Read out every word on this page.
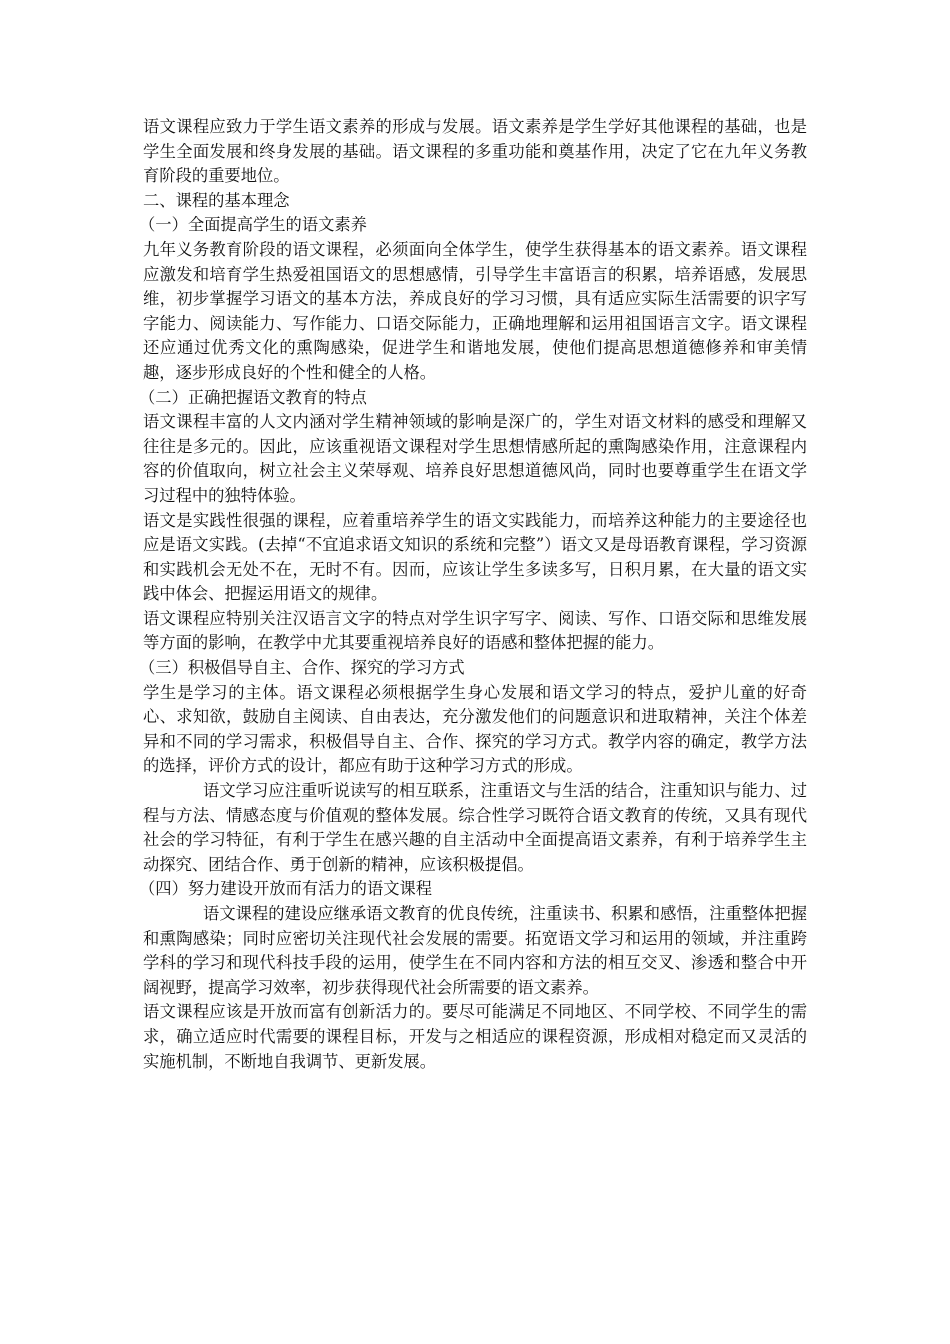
语文课程应致力于学生语文素养的形成与发展。语文素养是学生学好其他课程的基础，也是学生全面发展和终身发展的基础。语文课程的多重功能和奠基作用，决定了它在九年义务教育阶段的重要地位。

二、课程的基本理念

（一）全面提高学生的语文素养

九年义务教育阶段的语文课程，必须面向全体学生，使学生获得基本的语文素养。语文课程应激发和培育学生热爱祖国语文的思想感情，引导学生丰富语言的积累，培养语感，发展思维，初步掌握学习语文的基本方法，养成良好的学习习惯，具有适应实际生活需要的识字写字能力、阅读能力、写作能力、口语交际能力，正确地理解和运用祖国语言文字。语文课程还应通过优秀文化的熏陶感染，促进学生和谐地发展，使他们提高思想道德修养和审美情趣，逐步形成良好的个性和健全的人格。

（二）正确把握语文教育的特点

语文课程丰富的人文内涵对学生精神领域的影响是深广的，学生对语文材料的感受和理解又往往是多元的。因此，应该重视语文课程对学生思想情感所起的熏陶感染作用，注意课程内容的价值取向，树立社会主义荣辱观、培养良好思想道德风尚，同时也要尊重学生在语文学习过程中的独特体验。

语文是实践性很强的课程，应着重培养学生的语文实践能力，而培养这种能力的主要途径也应是语文实践。(去掉“不宜追求语文知识的系统和完整”）语文又是母语教育课程，学习资源和实践机会无处不在，无时不有。因而，应该让学生多读多写，日积月累，在大量的语文实践中体会、把握运用语文的规律。

语文课程应特别关注汉语言文字的特点对学生识字写字、阅读、写作、口语交际和思维发展等方面的影响，在教学中尤其要重视培养良好的语感和整体把握的能力。

（三）积极倡导自主、合作、探究的学习方式

学生是学习的主体。语文课程必须根据学生身心发展和语文学习的特点，爱护儿童的好奇心、求知欲，鼓励自主阅读、自由表达，充分激发他们的问题意识和进取精神，关注个体差异和不同的学习需求，积极倡导自主、合作、探究的学习方式。教学内容的确定，教学方法的选择，评价方式的设计，都应有助于这种学习方式的形成。

语文学习应注重听说读写的相互联系，注重语文与生活的结合，注重知识与能力、过程与方法、情感态度与价值观的整体发展。综合性学习既符合语文教育的传统，又具有现代社会的学习特征，有利于学生在感兴趣的自主活动中全面提高语文素养，有利于培养学生主动探究、团结合作、勇于创新的精神，应该积极提倡。

（四）努力建设开放而有活力的语文课程

语文课程的建设应继承语文教育的优良传统，注重读书、积累和感悟，注重整体把握和熏陶感染；同时应密切关注现代社会发展的需要。拓宽语文学习和运用的领域，并注重跨学科的学习和现代科技手段的运用，使学生在不同内容和方法的相互交叉、渗透和整合中开阔视野，提高学习效率，初步获得现代社会所需要的语文素养。

语文课程应该是开放而富有创新活力的。要尽可能满足不同地区、不同学校、不同学生的需求，确立适应时代需要的课程目标，开发与之相适应的课程资源，形成相对稳定而又灵活的实施机制，不断地自我调节、更新发展。
